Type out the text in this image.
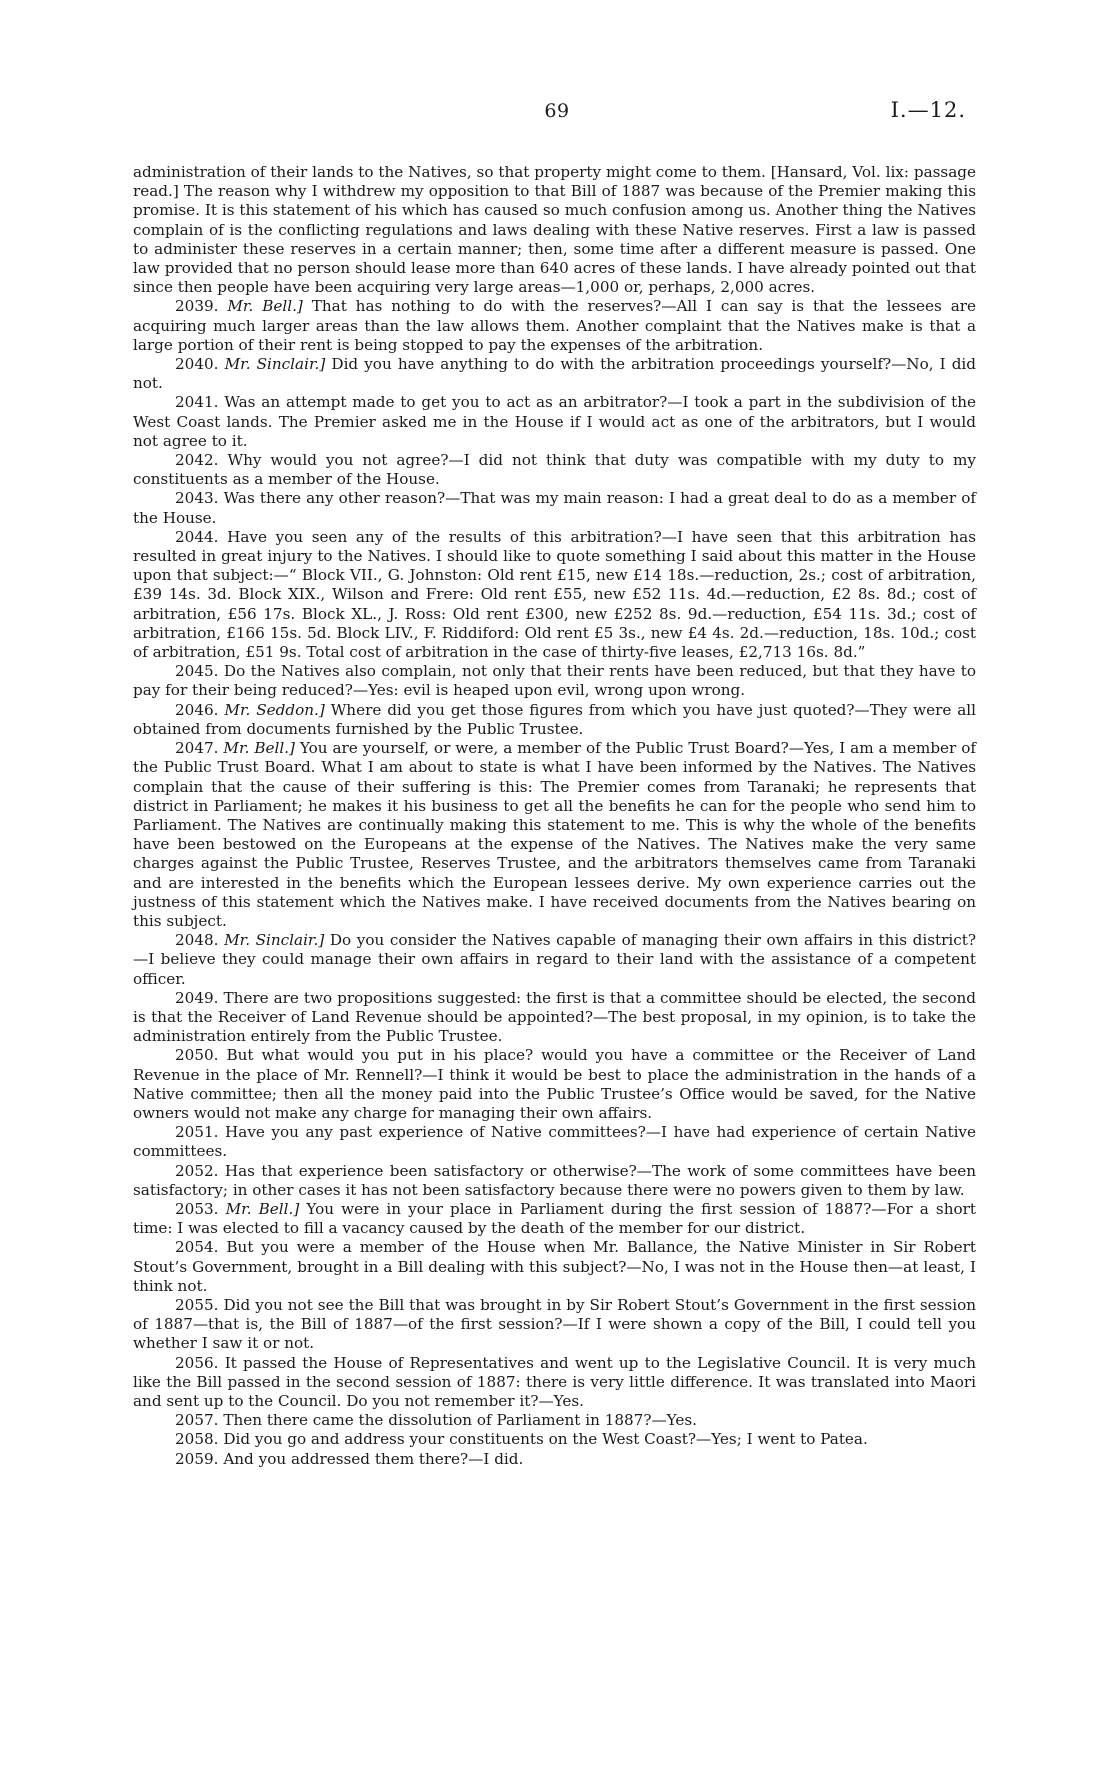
69	I.—12.

administration of their lands to the Natives, so that property might come to them. [Hansard, Vol. lix: passage read.] The reason why I withdrew my opposition to that Bill of 1887 was because of the Premier making this promise. It is this statement of his which has caused so much confusion among us. Another thing the Natives complain of is the conflicting regulations and laws dealing with these Native reserves. First a law is passed to administer these reserves in a certain manner; then, some time after a different measure is passed. One law provided that no person should lease more than 640 acres of these lands. I have already pointed out that since then people have been acquiring very large areas—1,000 or, perhaps, 2,000 acres.

2039. Mr. Bell.] That has nothing to do with the reserves?—All I can say is that the lessees are acquiring much larger areas than the law allows them. Another complaint that the Natives make is that a large portion of their rent is being stopped to pay the expenses of the arbitration.

2040. Mr. Sinclair.] Did you have anything to do with the arbitration proceedings yourself?—No, I did not.

2041. Was an attempt made to get you to act as an arbitrator?—I took a part in the subdivision of the West Coast lands. The Premier asked me in the House if I would act as one of the arbitrators, but I would not agree to it.

2042. Why would you not agree?—I did not think that duty was compatible with my duty to my constituents as a member of the House.

2043. Was there any other reason?—That was my main reason: I had a great deal to do as a member of the House.

2044. Have you seen any of the results of this arbitration?—I have seen that this arbitration has resulted in great injury to the Natives. I should like to quote something I said about this matter in the House upon that subject:—“ Block VII., G. Johnston: Old rent £15, new £14 18s.—reduction, 2s.; cost of arbitration, £39 14s. 3d. Block XIX., Wilson and Frere: Old rent £55, new £52 11s. 4d.—reduction, £2 8s. 8d.; cost of arbitration, £56 17s. Block XL., J. Ross: Old rent £300, new £252 8s. 9d.—reduction, £54 11s. 3d.; cost of arbitration, £166 15s. 5d. Block LIV., F. Riddiford: Old rent £5 3s., new £4 4s. 2d.—reduction, 18s. 10d.; cost of arbitration, £51 9s. Total cost of arbitration in the case of thirty-five leases, £2,713 16s. 8d.”

2045. Do the Natives also complain, not only that their rents have been reduced, but that they have to pay for their being reduced?—Yes: evil is heaped upon evil, wrong upon wrong.

2046. Mr. Seddon.] Where did you get those figures from which you have just quoted?—They were all obtained from documents furnished by the Public Trustee.

2047. Mr. Bell.] You are yourself, or were, a member of the Public Trust Board?—Yes, I am a member of the Public Trust Board. What I am about to state is what I have been informed by the Natives. The Natives complain that the cause of their suffering is this: The Premier comes from Taranaki; he represents that district in Parliament; he makes it his business to get all the benefits he can for the people who send him to Parliament. The Natives are continually making this statement to me. This is why the whole of the benefits have been bestowed on the Europeans at the expense of the Natives. The Natives make the very same charges against the Public Trustee, Reserves Trustee, and the arbitrators themselves came from Taranaki and are interested in the benefits which the European lessees derive. My own experience carries out the justness of this statement which the Natives make. I have received documents from the Natives bearing on this subject.

2048. Mr. Sinclair.] Do you consider the Natives capable of managing their own affairs in this district?—I believe they could manage their own affairs in regard to their land with the assistance of a competent officer.

2049. There are two propositions suggested: the first is that a committee should be elected, the second is that the Receiver of Land Revenue should be appointed?—The best proposal, in my opinion, is to take the administration entirely from the Public Trustee.

2050. But what would you put in his place? would you have a committee or the Receiver of Land Revenue in the place of Mr. Rennell?—I think it would be best to place the administration in the hands of a Native committee; then all the money paid into the Public Trustee’s Office would be saved, for the Native owners would not make any charge for managing their own affairs.

2051. Have you any past experience of Native committees?—I have had experience of certain Native committees.

2052. Has that experience been satisfactory or otherwise?—The work of some committees have been satisfactory; in other cases it has not been satisfactory because there were no powers given to them by law.

2053. Mr. Bell.] You were in your place in Parliament during the first session of 1887?—For a short time: I was elected to fill a vacancy caused by the death of the member for our district.

2054. But you were a member of the House when Mr. Ballance, the Native Minister in Sir Robert Stout’s Government, brought in a Bill dealing with this subject?—No, I was not in the House then—at least, I think not.

2055. Did you not see the Bill that was brought in by Sir Robert Stout’s Government in the first session of 1887—that is, the Bill of 1887—of the first session?—If I were shown a copy of the Bill, I could tell you whether I saw it or not.

2056. It passed the House of Representatives and went up to the Legislative Council. It is very much like the Bill passed in the second session of 1887: there is very little difference. It was translated into Maori and sent up to the Council. Do you not remember it?—Yes.

2057. Then there came the dissolution of Parliament in 1887?—Yes.

2058. Did you go and address your constituents on the West Coast?—Yes; I went to Patea.

2059. And you addressed them there?—I did.
